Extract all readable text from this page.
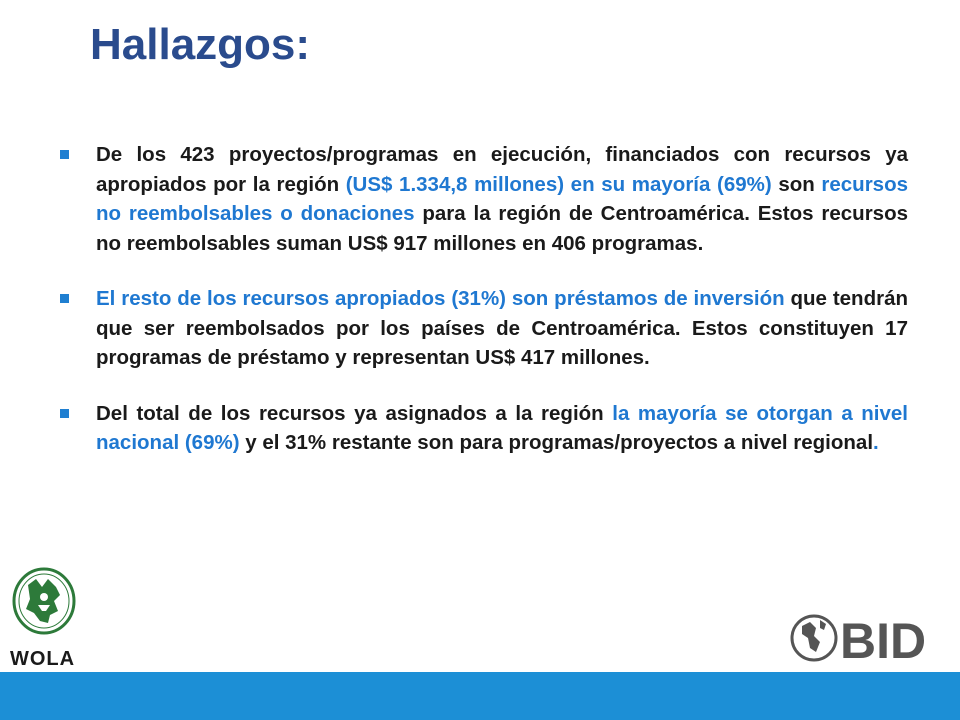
Hallazgos:
De los 423 proyectos/programas en ejecución, financiados con recursos ya apropiados por la región (US$ 1.334,8 millones) en su mayoría (69%) son recursos no reembolsables o donaciones para la región de Centroamérica. Estos recursos no reembolsables suman US$ 917 millones en 406 programas.
El resto de los recursos apropiados (31%) son préstamos de inversión que tendrán que ser reembolsados por los países de Centroamérica. Estos constituyen 17 programas de préstamo y representan US$ 417 millones.
Del total de los recursos ya asignados a la región la mayoría se otorgan a nivel nacional (69%) y el 31% restante son para programas/proyectos a nivel regional.
WOLA	BID
